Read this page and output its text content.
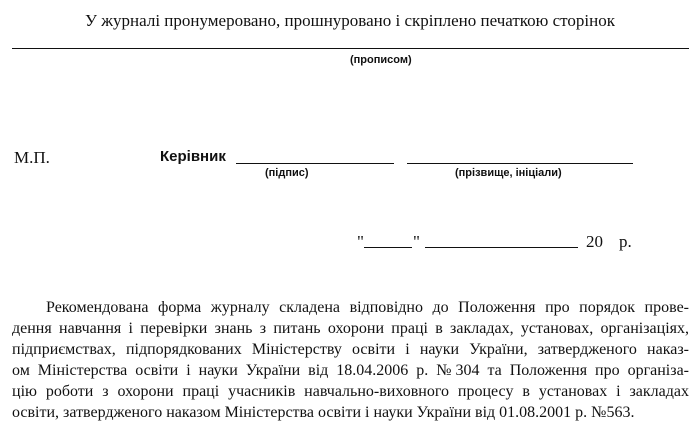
У журналі пронумеровано, прошнуровано і скріплено печаткою сторінок
(прописом)
М.П.	Керівник
(підпис)	(прізвище, ініціали)
"	"	20 р.
Рекомендована форма журналу складена відповідно до Положення про порядок прове-
дення навчання і перевірки знань з питань охорони праці в закладах, установах, організаціях,
підприємствах, підпорядкованих Міністерству освіти і науки України, затвердженого наказ-
ом Міністерства освіти і науки України від 18.04.2006 р. №304 та Положення про організа-
цію роботи з охорони праці учасників навчально-виховного процесу в установах і закладах
освіти, затвердженого наказом Міністерства освіти і науки України від 01.08.2001 р. №563.
